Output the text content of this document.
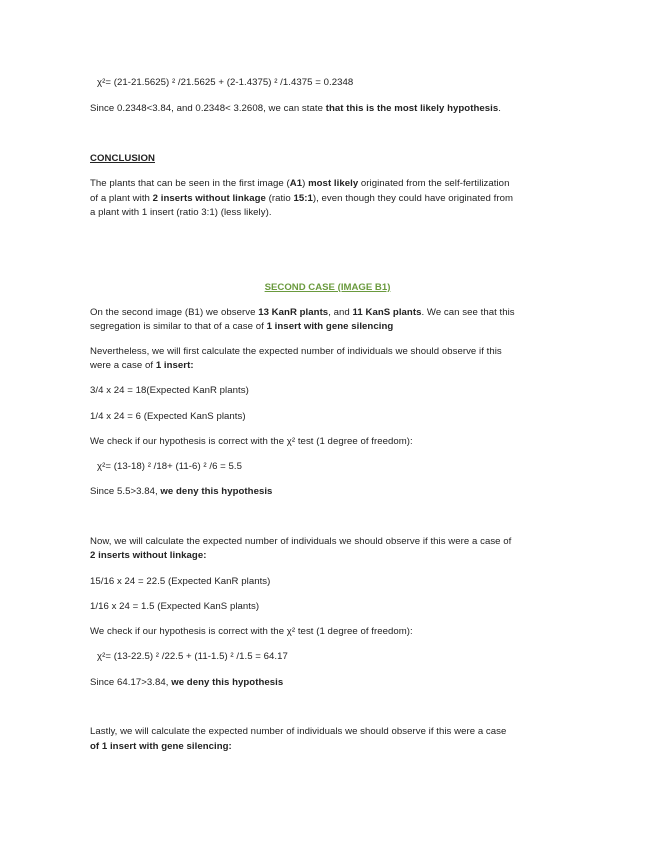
χ²= (21-21.5625) ² /21.5625 + (2-1.4375) ² /1.4375 = 0.2348
Since 0.2348<3.84, and 0.2348< 3.2608, we can state that this is the most likely hypothesis.
CONCLUSION
The plants that can be seen in the first image (A1) most likely originated from the self-fertilization
of a plant with 2 inserts without linkage (ratio 15:1), even though they could have originated from
a plant with 1 insert (ratio 3:1) (less likely).
SECOND CASE (IMAGE B1)
On the second image (B1) we observe 13 KanR plants, and 11 KanS plants. We can see that this
segregation is similar to that of a case of 1 insert with gene silencing
Nevertheless, we will first calculate the expected number of individuals we should observe if this
were a case of 1 insert:
3/4 x 24 = 18(Expected KanR plants)
1/4 x 24 = 6 (Expected KanS plants)
We check if our hypothesis is correct with the χ² test (1 degree of freedom):
χ²= (13-18) ² /18+ (11-6) ² /6 = 5.5
Since 5.5>3.84, we deny this hypothesis
Now, we will calculate the expected number of individuals we should observe if this were a case of
2 inserts without linkage:
15/16 x 24 = 22.5 (Expected KanR plants)
1/16 x 24 = 1.5 (Expected KanS plants)
We check if our hypothesis is correct with the χ² test (1 degree of freedom):
χ²= (13-22.5) ² /22.5 + (11-1.5) ² /1.5 = 64.17
Since 64.17>3.84, we deny this hypothesis
Lastly, we will calculate the expected number of individuals we should observe if this were a case
of 1 insert with gene silencing:
